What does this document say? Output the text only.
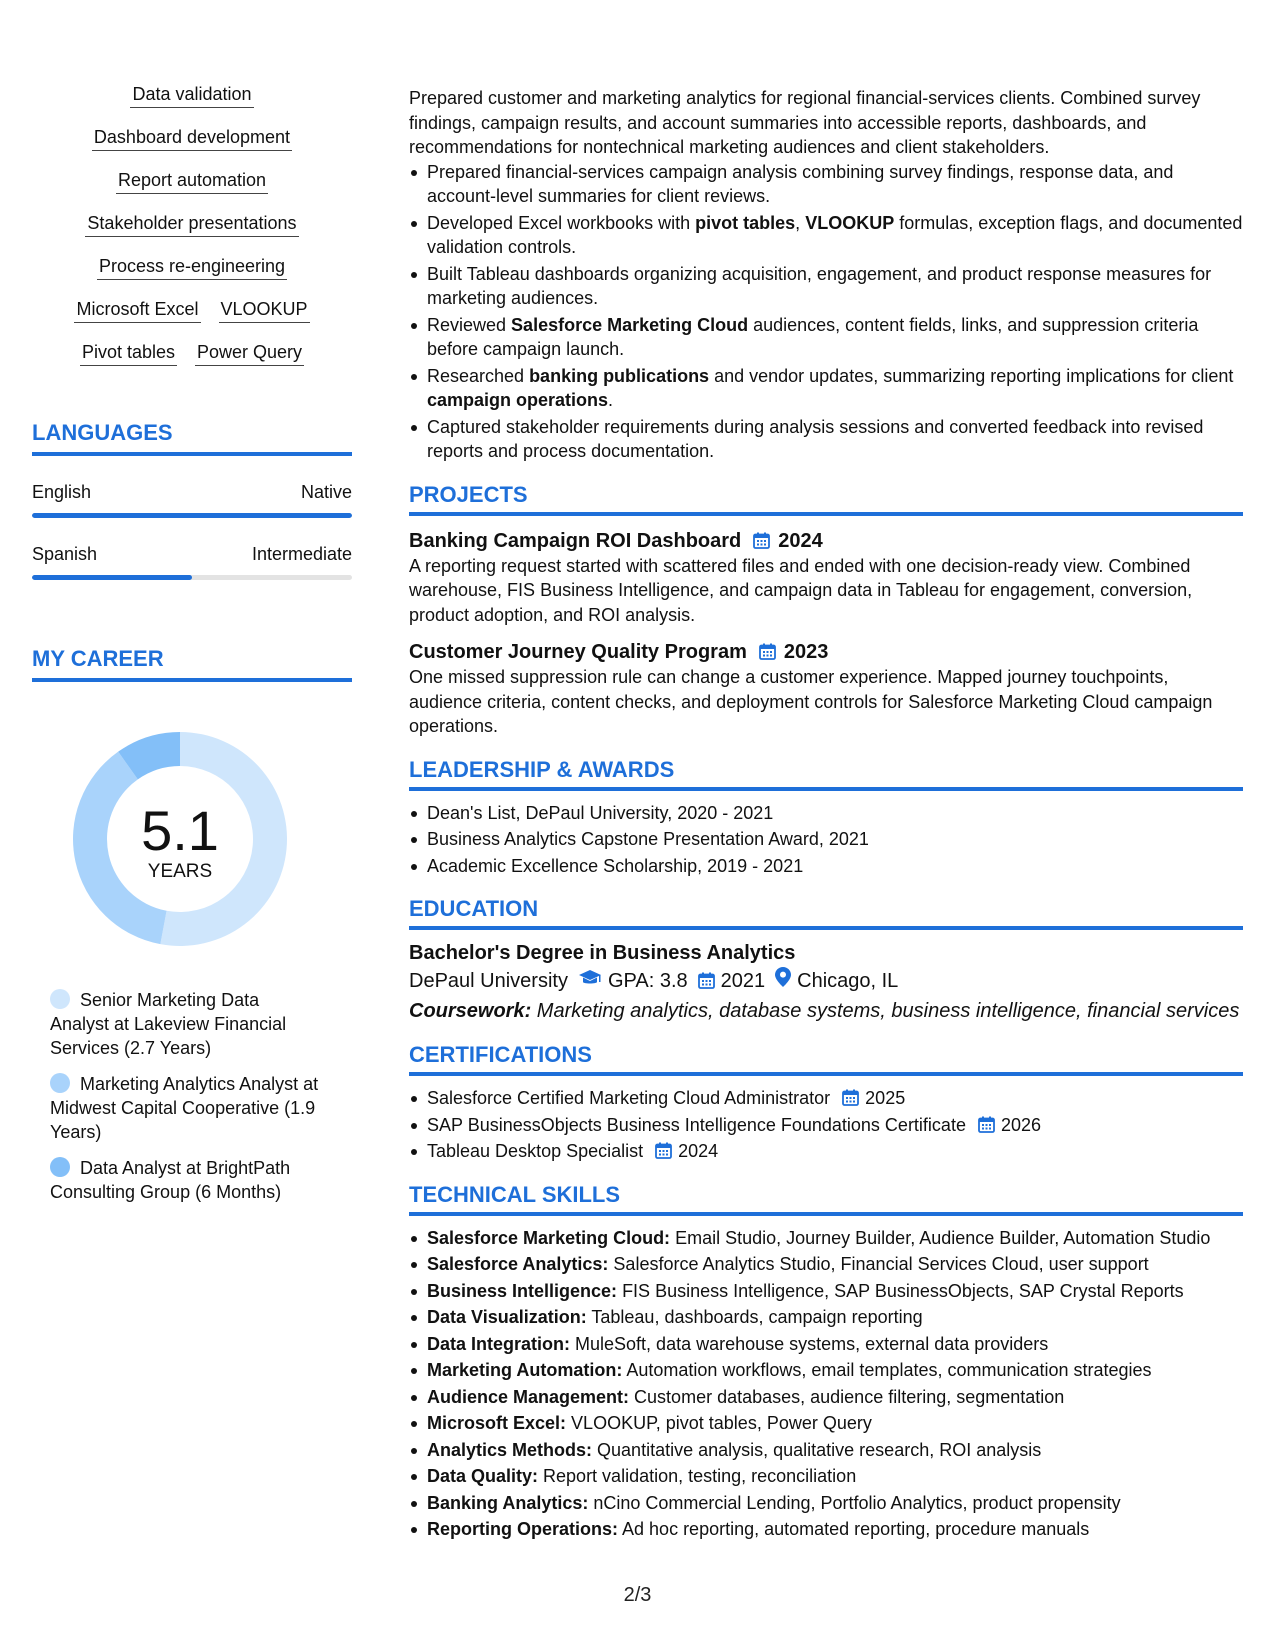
Data validation
Dashboard development
Report automation
Stakeholder presentations
Process re-engineering
Microsoft Excel VLOOKUP
Pivot tables Power Query
LANGUAGES
English	Native
Spanish	Intermediate
MY CAREER
5.1
YEARS
Senior Marketing Data Analyst at Lakeview Financial Services (2.7 Years)
Marketing Analytics Analyst at Midwest Capital Cooperative (1.9 Years)
Data Analyst at BrightPath Consulting Group (6 Months)

Prepared customer and marketing analytics for regional financial-services clients. Combined survey findings, campaign results, and account summaries into accessible reports, dashboards, and recommendations for nontechnical marketing audiences and client stakeholders.

Prepared financial-services campaign analysis combining survey findings, response data, and account-level summaries for client reviews.
Developed Excel workbooks with pivot tables, VLOOKUP formulas, exception flags, and documented validation controls.
Built Tableau dashboards organizing acquisition, engagement, and product response measures for marketing audiences.
Reviewed Salesforce Marketing Cloud audiences, content fields, links, and suppression criteria before campaign launch.
Researched banking publications and vendor updates, summarizing reporting implications for client campaign operations.
Captured stakeholder requirements during analysis sessions and converted feedback into revised reports and process documentation.
PROJECTS
Banking Campaign ROI Dashboard 2024

A reporting request started with scattered files and ended with one decision-ready view. Combined warehouse, FIS Business Intelligence, and campaign data in Tableau for engagement, conversion, product adoption, and ROI analysis.

Customer Journey Quality Program 2023

One missed suppression rule can change a customer experience. Mapped journey touchpoints, audience criteria, content checks, and deployment controls for Salesforce Marketing Cloud campaign operations.

LEADERSHIP & AWARDS
Dean's List, DePaul University, 2020 - 2021
Business Analytics Capstone Presentation Award, 2021
Academic Excellence Scholarship, 2019 - 2021
EDUCATION
Bachelor's Degree in Business Analytics
DePaul University GPA: 3.8 2021 Chicago, IL
Coursework: Marketing analytics, database systems, business intelligence, financial services
CERTIFICATIONS
Salesforce Certified Marketing Cloud Administrator 2025
SAP BusinessObjects Business Intelligence Foundations Certificate 2026
Tableau Desktop Specialist 2024
TECHNICAL SKILLS
Salesforce Marketing Cloud: Email Studio, Journey Builder, Audience Builder, Automation Studio
Salesforce Analytics: Salesforce Analytics Studio, Financial Services Cloud, user support
Business Intelligence: FIS Business Intelligence, SAP BusinessObjects, SAP Crystal Reports
Data Visualization: Tableau, dashboards, campaign reporting
Data Integration: MuleSoft, data warehouse systems, external data providers
Marketing Automation: Automation workflows, email templates, communication strategies
Audience Management: Customer databases, audience filtering, segmentation
Microsoft Excel: VLOOKUP, pivot tables, Power Query
Analytics Methods: Quantitative analysis, qualitative research, ROI analysis
Data Quality: Report validation, testing, reconciliation
Banking Analytics: nCino Commercial Lending, Portfolio Analytics, product propensity
Reporting Operations: Ad hoc reporting, automated reporting, procedure manuals
2/3
